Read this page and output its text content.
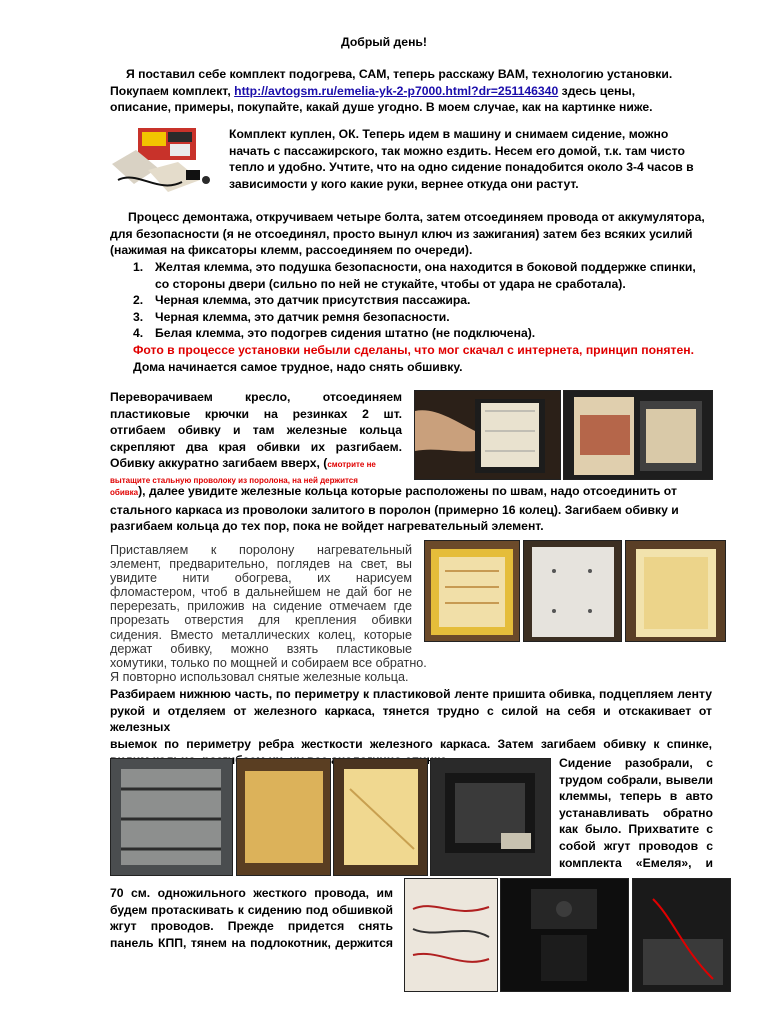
Добрый день!
Я поставил себе комплект подогрева, САМ, теперь расскажу ВАМ, технологию установки.
Покупаем комплект, http://avtogsm.ru/emelia-yk-2-p7000.html?dr=251146340 здесь цены,
описание, примеры, покупайте, какай душе угодно. В моем случае, как на картинке ниже.
Комплект куплен, ОК. Теперь идем в машину и снимаем сидение, можно
начать с пассажирского, так можно ездить. Несем его домой, т.к. там чисто
тепло и удобно. Учтите, что на одно сидение понадобится около 3-4 часов в
зависимости у кого какие руки, вернее откуда они растут.
Процесс демонтажа, откручиваем четыре болта, затем отсоединяем провода от аккумулятора,
для безопасности (я не отсоединял, просто вынул ключ из зажигания) затем без всяких усилий
(нажимая на фиксаторы клемм, рассоединяем по очереди).
1. Желтая клемма, это подушка безопасности, она находится в боковой поддержке спинки,
со стороны двери (сильно по ней не стукайте, чтобы от удара не сработала).
2. Черная клемма, это датчик присутствия пассажира.
3. Черная клемма, это датчик ремня безопасности.
4. Белая клемма, это подогрев сидения штатно (не подключена).
Фото в процессе установки небыли сделаны, что мог скачал с интернета, принцип понятен.
Дома начинается самое трудное, надо снять обшивку.
Переворачиваем кресло, отсоединяем
пластиковые крючки на резинках 2 шт.
отгибаем обивку и там железные кольца
скрепляют два края обивки их разгибаем.
Обивку аккуратно загибаем вверх, (смотрите не
вытащите стальную проволоку из поролона, на ней держится
обивка), далее увидите железные кольца которые расположены по швам, надо отсоединить от
стального каркаса из проволоки залитого в поролон (примерно 16 колец). Загибаем обивку и
разгибаем кольца до тех пор, пока не войдет нагревательный элемент.
Приставляем к поролону нагревательный
элемент, предварительно, поглядев на свет, вы
увидите нити обогрева, их нарисуем
фломастером, чтоб в дальнейшем не дай бог не
перерезать, приложив на сидение отмечаем где
прорезать отверстия для крепления обивки
сидения. Вместо металлических колец, которые
держат обивку, можно взять пластиковые
хомутики, только по мощней и собираем все обратно.
Я повторно использовал снятые железные кольца.
Разбираем нижнюю часть, по периметру к пластиковой ленте пришита обивка, подцепляем ленту
рукой и отделяем от железного каркаса, тянется трудно с силой на себя и отскакивает от железных
выемок по периметру ребра жесткости железного каркаса. Затем загибаем обивку к спинке,
разгибаем спинке.	Сидение разобрали, с
трудом собрали, вывели
клеммы, теперь в авто
устанавливать обратно
как было. Прихватите с
собой жгут проводов с
комплекта «Емеля», и
70 см. одножильного жесткого провода, им
будем протаскивать к сидению под обшивкой
жгут проводов. Прежде придется снять
панель КПП, тянем на подлокотник, держится
